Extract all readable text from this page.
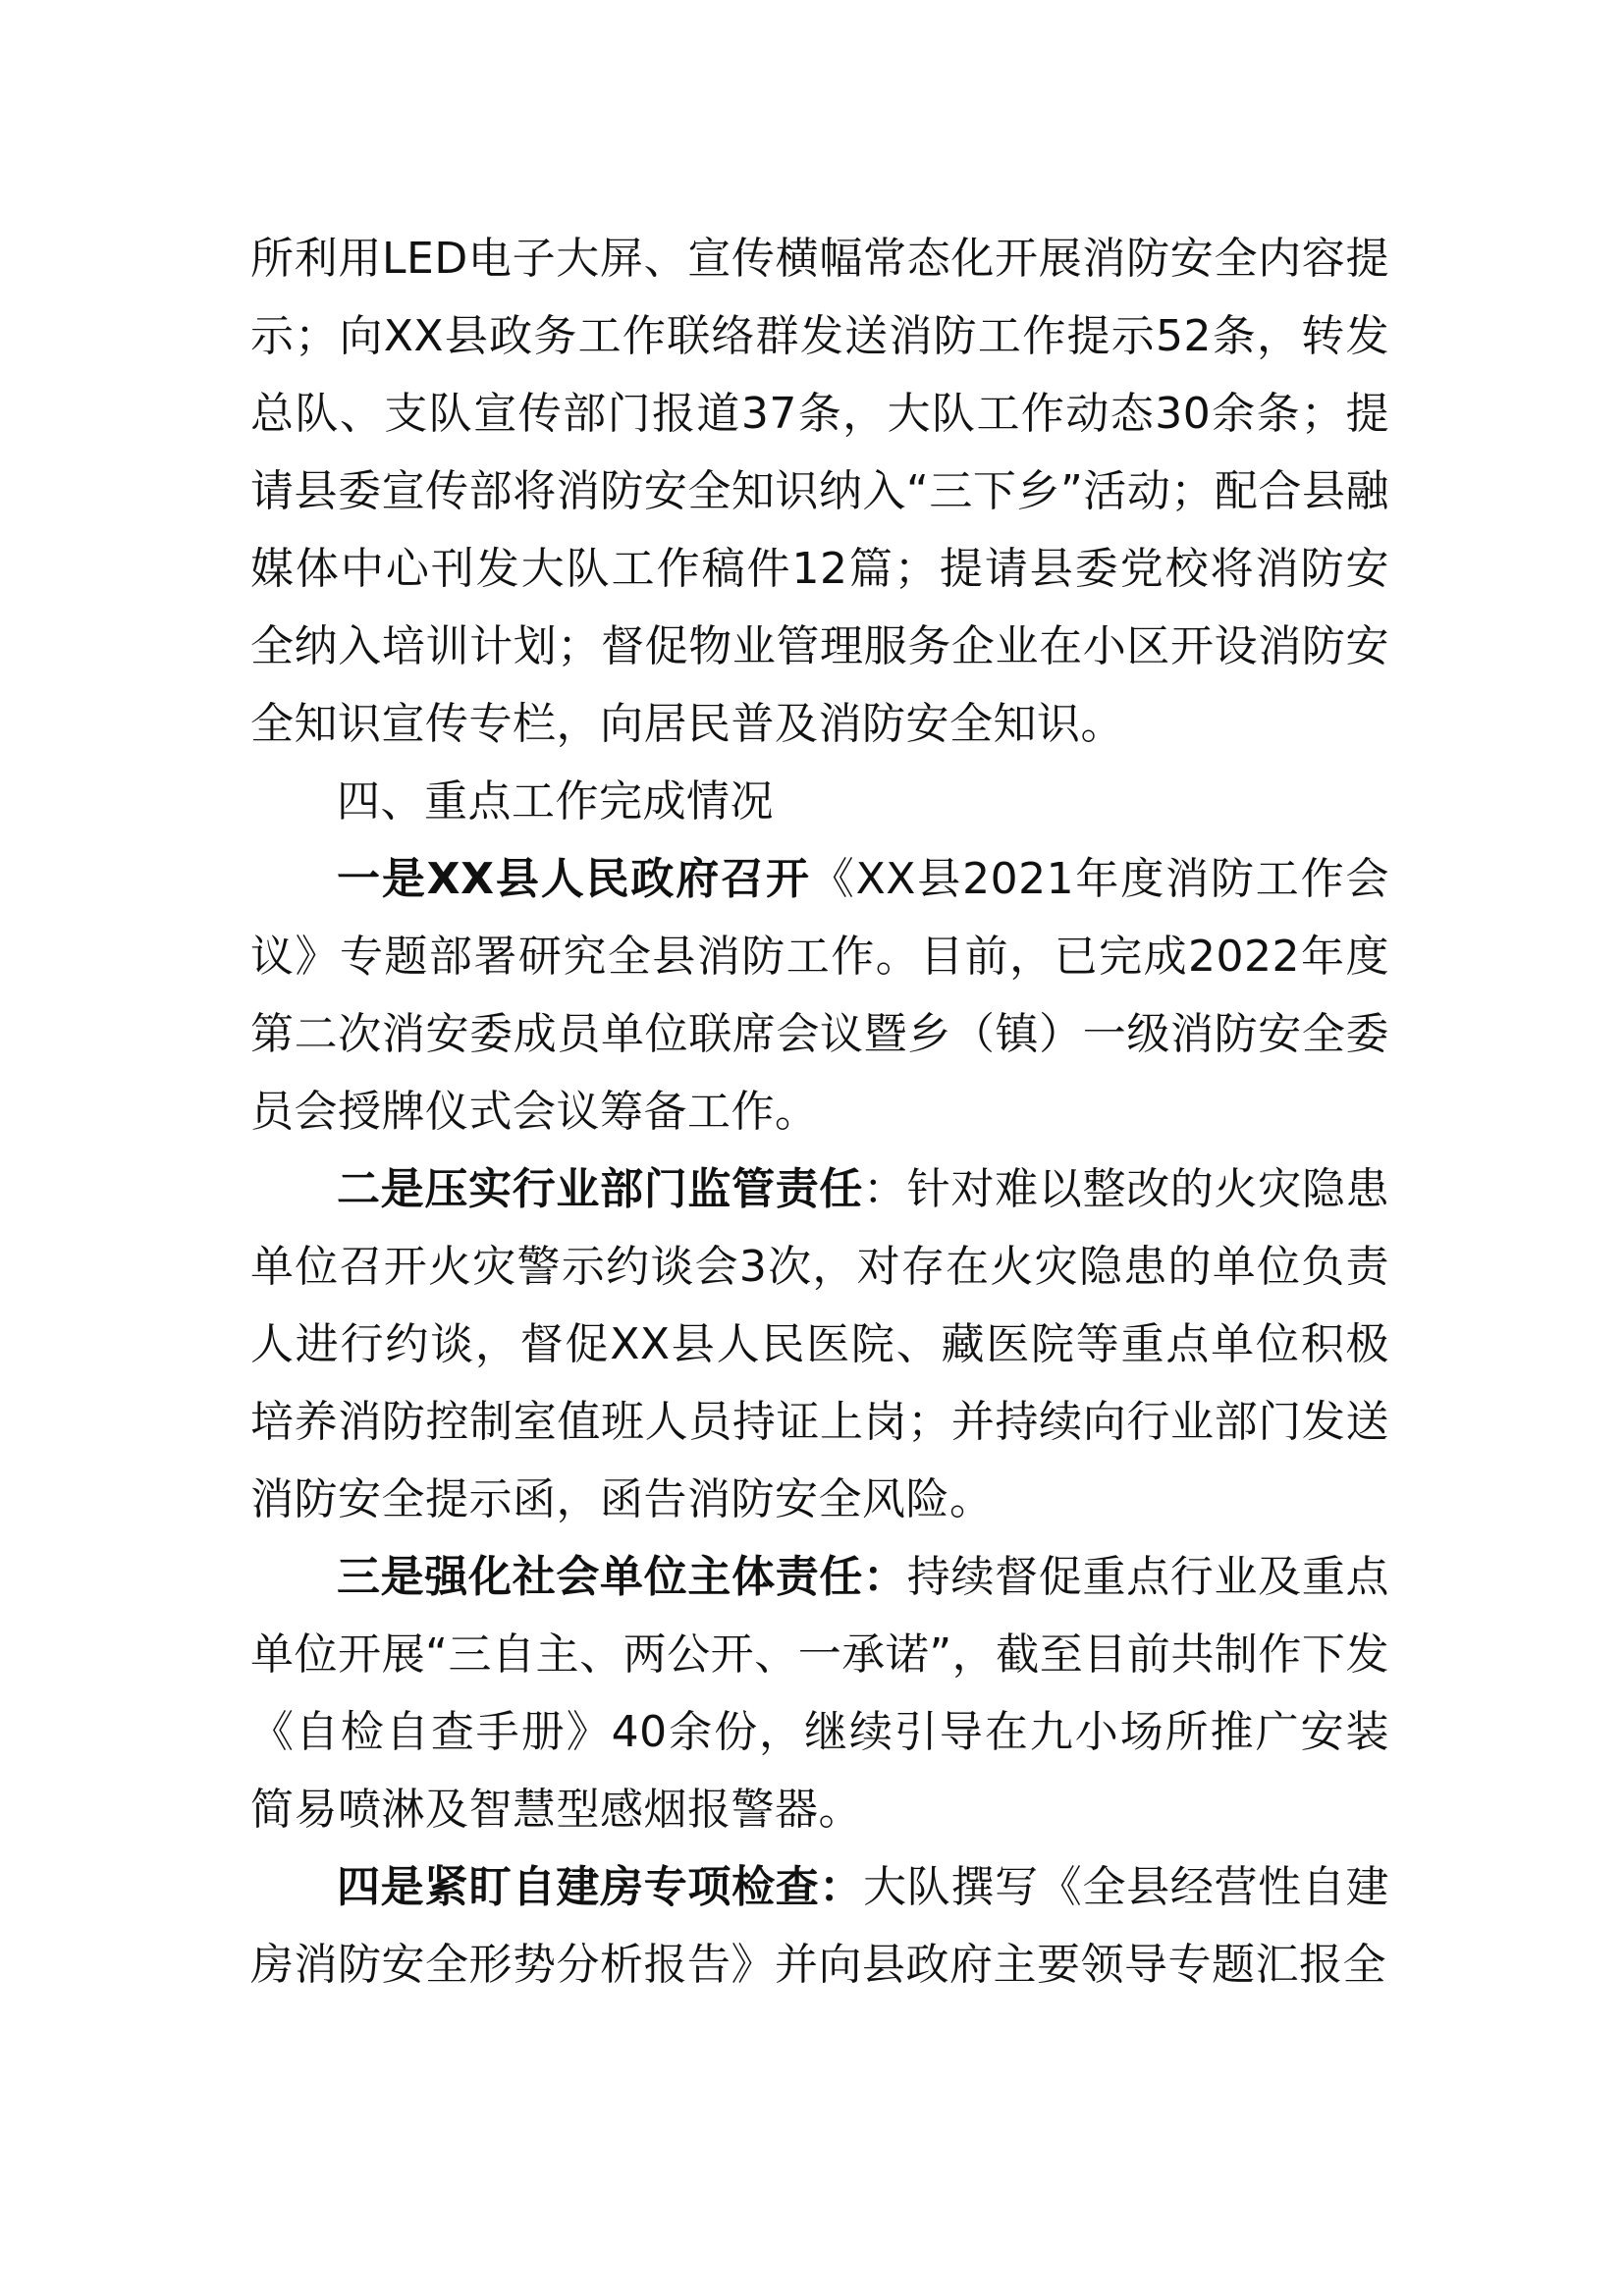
所利用LED电子大屏、宣传横幅常态化开展消防安全内容提示；向XX县政务工作联络群发送消防工作提示52条，转发总队、支队宣传部门报道37条，大队工作动态30余条；提请县委宣传部将消防安全知识纳入“三下乡”活动；配合县融媒体中心刊发大队工作稿件12篇；提请县委党校将消防安全纳入培训计划；督促物业管理服务企业在小区开设消防安全知识宣传专栏，向居民普及消防安全知识。

四、重点工作完成情况

一是XX县人民政府召开《XX县2021年度消防工作会议》专题部署研究全县消防工作。目前，已完成2022年度第二次消安委成员单位联席会议暨乡（镇）一级消防安全委员会授牌仪式会议筹备工作。

二是压实行业部门监管责任：针对难以整改的火灾隐患单位召开火灾警示约谈会3次，对存在火灾隐患的单位负责人进行约谈，督促XX县人民医院、藏医院等重点单位积极培养消防控制室值班人员持证上岗；并持续向行业部门发送消防安全提示函，函告消防安全风险。

三是强化社会单位主体责任：持续督促重点行业及重点单位开展“三自主、两公开、一承诺”，截至目前共制作下发《自检自查手册》40余份，继续引导在九小场所推广安装简易喷淋及智慧型感烟报警器。

四是紧盯自建房专项检查：大队撰写《全县经营性自建房消防安全形势分析报告》并向县政府主要领导专题汇报全
